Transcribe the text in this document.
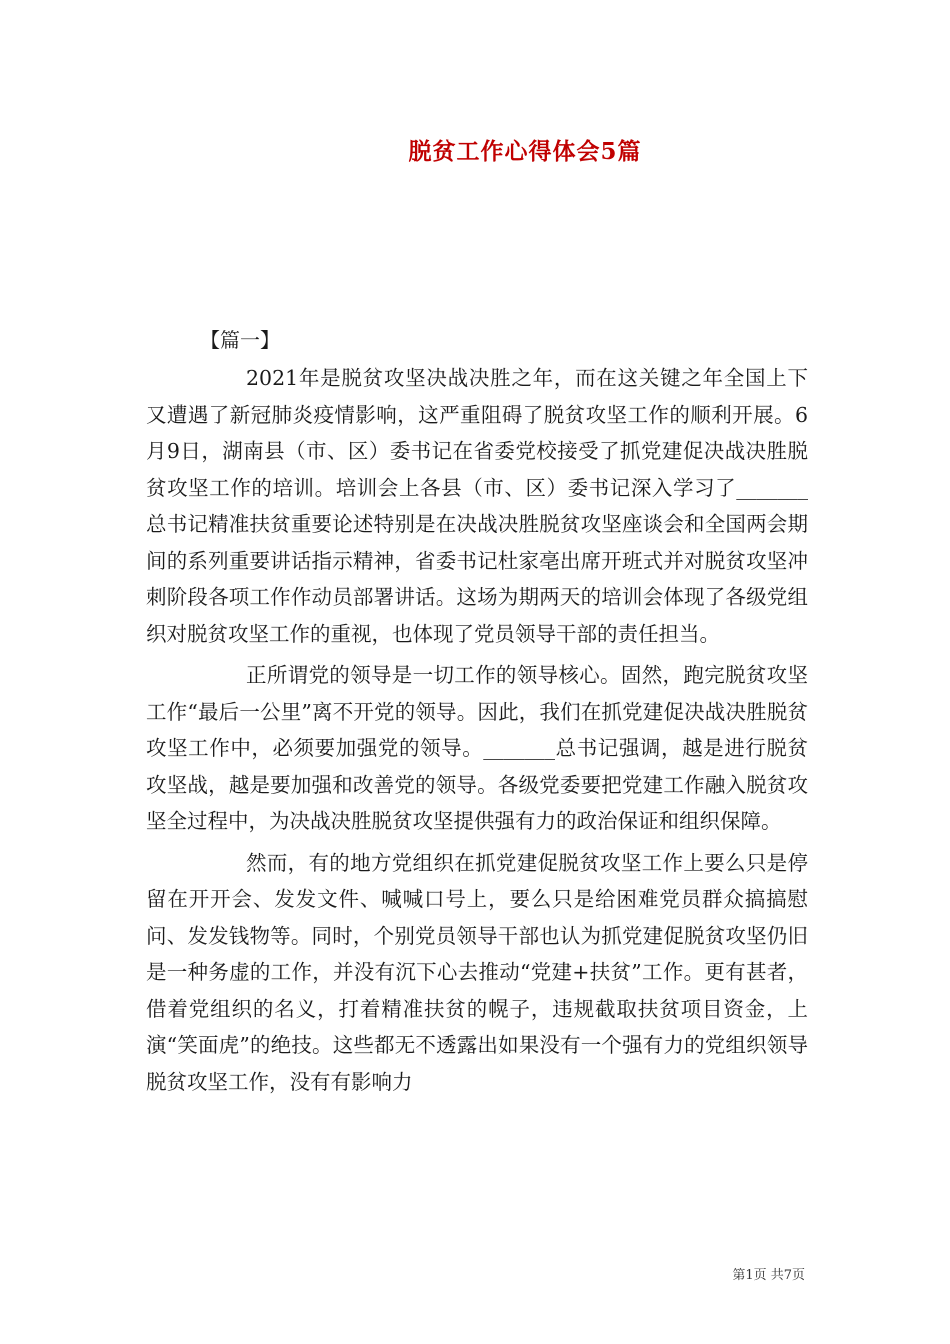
脱贫工作心得体会5篇
【篇一】

2021年是脱贫攻坚决战决胜之年，而在这关键之年全国上下又遭遇了新冠肺炎疫情影响，这严重阻碍了脱贫攻坚工作的顺利开展。6月9日，湖南县（市、区）委书记在省委党校接受了抓党建促决战决胜脱贫攻坚工作的培训。培训会上各县（市、区）委书记深入学习了_______总书记精准扶贫重要论述特别是在决战决胜脱贫攻坚座谈会和全国两会期间的系列重要讲话指示精神，省委书记杜家亳出席开班式并对脱贫攻坚冲刺阶段各项工作作动员部署讲话。这场为期两天的培训会体现了各级党组织对脱贫攻坚工作的重视，也体现了党员领导干部的责任担当。

正所谓党的领导是一切工作的领导核心。固然，跑完脱贫攻坚工作“最后一公里”离不开党的领导。因此，我们在抓党建促决战决胜脱贫攻坚工作中，必须要加强党的领导。_______总书记强调，越是进行脱贫攻坚战，越是要加强和改善党的领导。各级党委要把党建工作融入脱贫攻坚全过程中，为决战决胜脱贫攻坚提供强有力的政治保证和组织保障。

然而，有的地方党组织在抓党建促脱贫攻坚工作上要么只是停留在开开会、发发文件、喊喊口号上，要么只是给困难党员群众搞搞慰问、发发钱物等。同时，个别党员领导干部也认为抓党建促脱贫攻坚仍旧是一种务虚的工作，并没有沉下心去推动“党建+扶贫”工作。更有甚者，借着党组织的名义，打着精准扶贫的幌子，违规截取扶贫项目资金，上演“笑面虎”的绝技。这些都无不透露出如果没有一个强有力的党组织领导脱贫攻坚工作，没有有影响力

第1页 共7页
